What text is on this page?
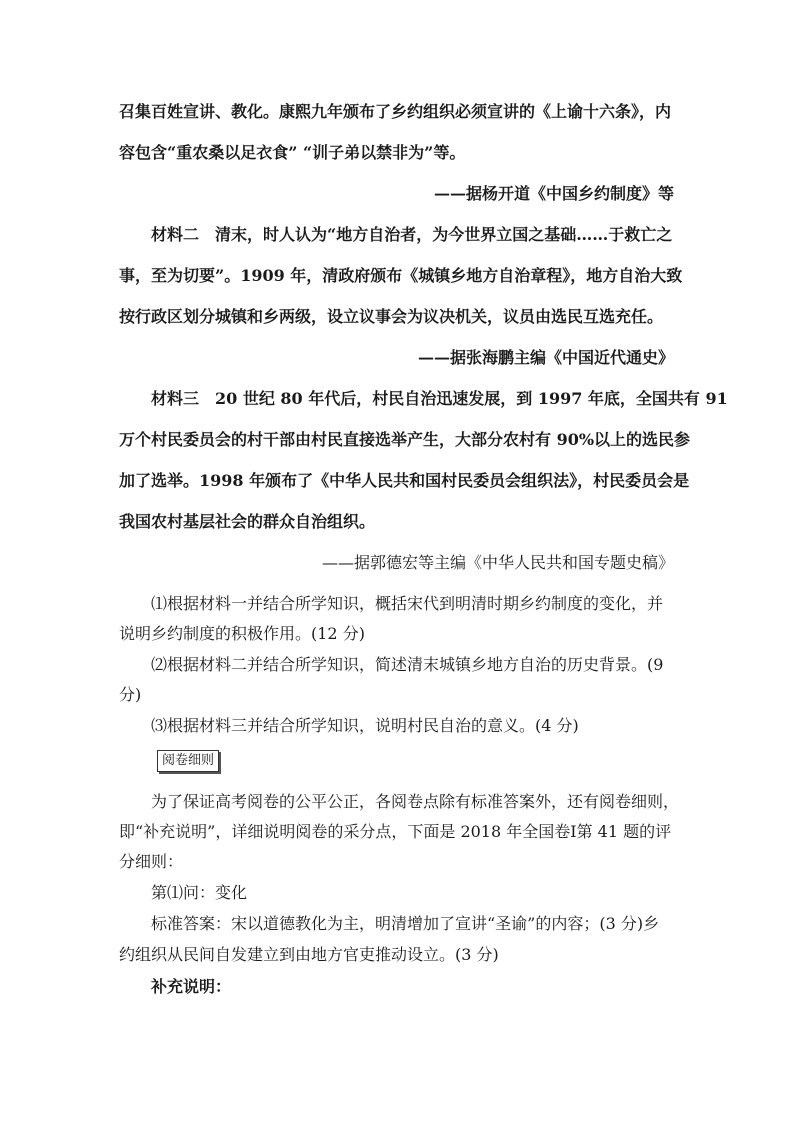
召集百姓宣讲、教化。康熙九年颁布了乡约组织必须宣讲的《上谕十六条》，内
容包含“重农桑以足衣食” “训子弟以禁非为”等。
——据杨开道《中国乡约制度》等
材料二　清末，时人认为“地方自治者，为今世界立国之基础……于救亡之
事，至为切要”。1909 年，清政府颁布《城镇乡地方自治章程》，地方自治大致
按行政区划分城镇和乡两级，设立议事会为议决机关，议员由选民互选充任。
——据张海鹏主编《中国近代通史》
材料三　20 世纪 80 年代后，村民自治迅速发展，到 1997 年底，全国共有 91
万个村民委员会的村干部由村民直接选举产生，大部分农村有 90%以上的选民参
加了选举。1998 年颁布了《中华人民共和国村民委员会组织法》，村民委员会是
我国农村基层社会的群众自治组织。
——据郭德宏等主编《中华人民共和国专题史稿》
⑴根据材料一并结合所学知识，概括宋代到明清时期乡约制度的变化，并
说明乡约制度的积极作用。(12 分)
⑵根据材料二并结合所学知识，简述清末城镇乡地方自治的历史背景。(9
分)
⑶根据材料三并结合所学知识，说明村民自治的意义。(4 分)
阅卷细则
为了保证高考阅卷的公平公正，各阅卷点除有标准答案外，还有阅卷细则，
即“补充说明”，详细说明阅卷的采分点，下面是 2018 年全国卷Ⅰ第 41 题的评
分细则：
第⑴问：变化
标准答案：宋以道德教化为主，明清增加了宣讲“圣谕”的内容；(3 分)乡
约组织从民间自发建立到由地方官吏推动设立。(3 分)
补充说明：
